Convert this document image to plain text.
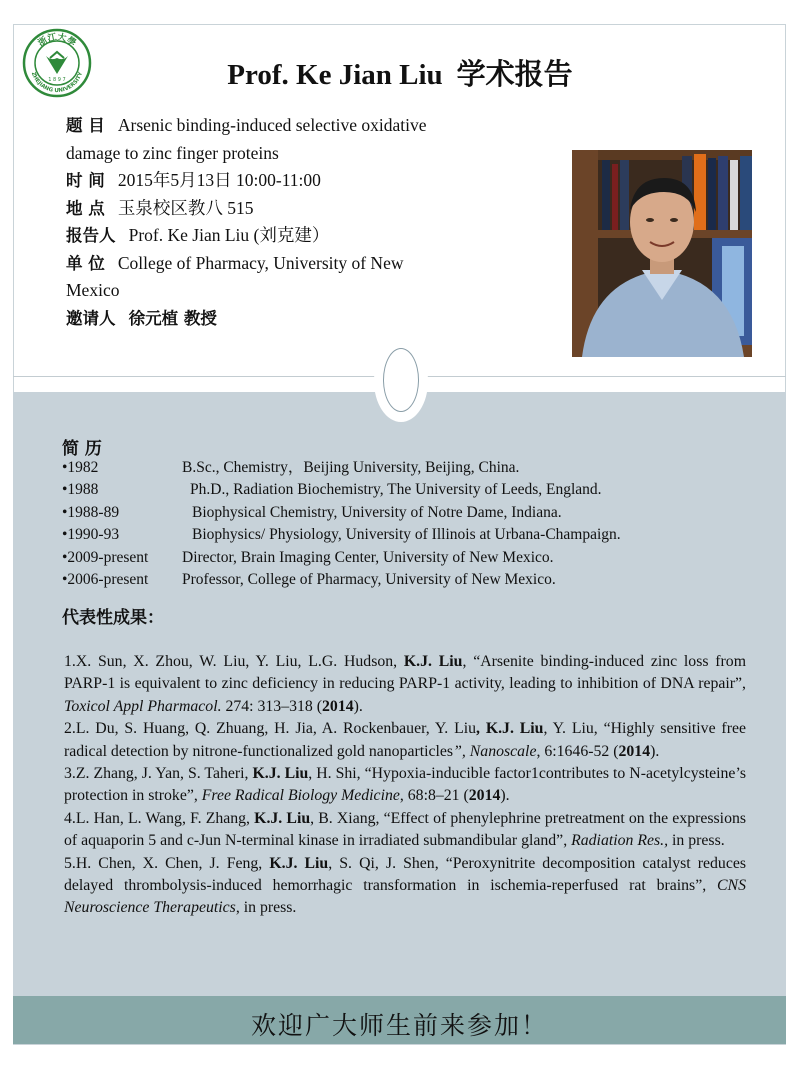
浙江大學
ZHEJIANG UNIVERSITY
1 8 9 7	Prof. Ke Jian Liu 学术报告
题 目 Arsenic binding-induced selective oxidative
damage to zinc finger proteins
时 间 2015年5月13日 10:00-11:00
地 点 玉泉校区教八 515
报告人 Prof. Ke Jian Liu (刘克建）
单 位 College of Pharmacy, University of New
Mexico
邀请人 徐元植 教授
简 历
•1982	B.Sc., Chemistry，Beijing University, Beijing, China.
•1988	Ph.D., Radiation Biochemistry, The University of Leeds, England.
•1988-89	Biophysical Chemistry, University of Notre Dame, Indiana.
•1990-93	Biophysics/ Physiology, University of Illinois at Urbana-Champaign.
•2009-present Director, Brain Imaging Center, University of New Mexico.
•2006-present Professor, College of Pharmacy, University of New Mexico.
代表性成果：

1.X. Sun, X. Zhou, W. Liu, Y. Liu, L.G. Hudson, K.J. Liu, “Arsenite binding-induced zinc loss from PARP-1 is equivalent to zinc deficiency in reducing PARP-1 activity, leading to inhibition of DNA repair”, Toxicol Appl Pharmacol. 274: 313–318 (2014).

2.L. Du, S. Huang, Q. Zhuang, H. Jia, A. Rockenbauer, Y. Liu, K.J. Liu, Y. Liu, “Highly sensitive free radical detection by nitrone-functionalized gold nanoparticles”, Nanoscale, 6:1646-52 (2014).

3.Z. Zhang, J. Yan, S. Taheri, K.J. Liu, H. Shi, “Hypoxia-inducible factor1contributes to N-acetylcysteine’s protection in stroke”, Free Radical Biology Medicine, 68:8–21 (2014).

4.L. Han, L. Wang, F. Zhang, K.J. Liu, B. Xiang, “Effect of phenylephrine pretreatment on the expressions of aquaporin 5 and c-Jun N-terminal kinase in irradiated submandibular gland”, Radiation Res., in press.

5.H. Chen, X. Chen, J. Feng, K.J. Liu, S. Qi, J. Shen, “Peroxynitrite decomposition catalyst reduces delayed thrombolysis-induced hemorrhagic transformation in ischemia-reperfused rat brains”, CNS Neuroscience Therapeutics, in press.

欢迎广大师生前来参加！
